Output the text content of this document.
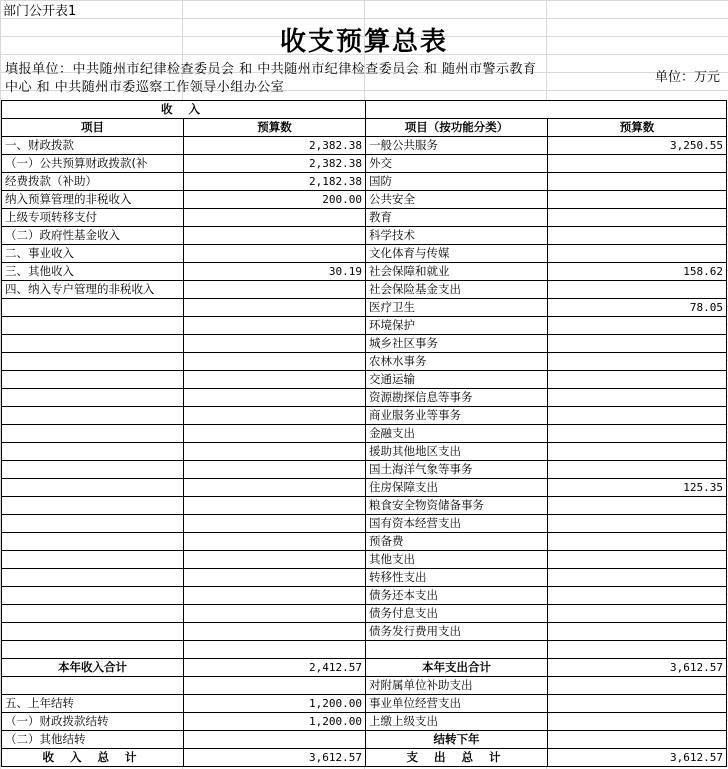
部门公开表1
收支预算总表
填报单位：中共随州市纪律检查委员会 和 中共随州市纪律检查委员会 和 随州市警示教育中心 和 中共随州市委巡察工作领导小组办公室
单位：万元
收 入			
项目	预算数	项目（按功能分类）	预算数
一、财政拨款	2,382.38	一般公共服务	3,250.55
（一）公共预算财政拨款(补	2,382.38	外交	
经费拨款（补助）	2,182.38	国防	
纳入预算管理的非税收入	200.00	公共安全	
上级专项转移支付		教育	
（二）政府性基金收入		科学技术	
二、事业收入		文化体育与传媒	
三、其他收入	30.19	社会保障和就业	158.62
四、纳入专户管理的非税收入		社会保险基金支出	
		医疗卫生	78.05
		环境保护	
		城乡社区事务	
		农林水事务	
		交通运输	
		资源勘探信息等事务	
		商业服务业等事务	
		金融支出	
		援助其他地区支出	
		国土海洋气象等事务	
		住房保障支出	125.35
		粮食安全物资储备事务	
		国有资本经营支出	
		预备费	
		其他支出	
		转移性支出	
		债务还本支出	
		债务付息支出	
		债务发行费用支出	

本年收入合计	2,412.57	本年支出合计	3,612.57
		对附属单位补助支出	
五、上年结转	1,200.00	事业单位经营支出	
（一）财政拨款结转	1,200.00	上缴上级支出	
（二）其他结转		结转下年	
收 入 总 计	3,612.57	支 出 总 计	3,612.57
